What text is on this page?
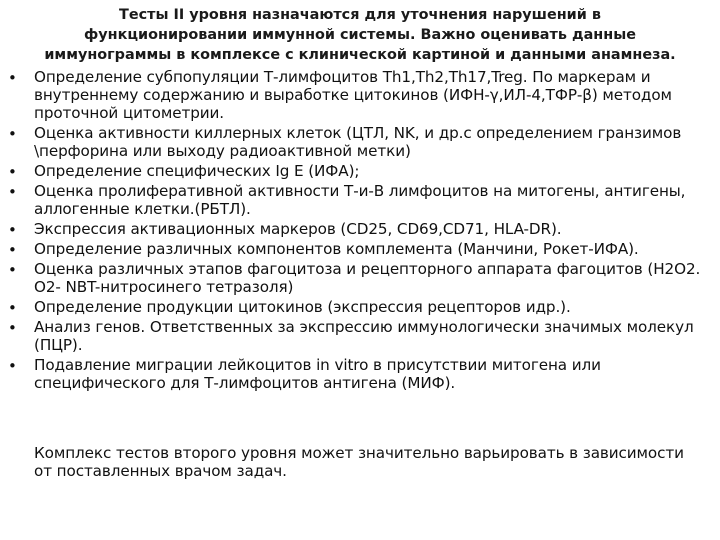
Тесты II уровня назначаются для уточнения нарушений в функционировании иммунной системы. Важно оценивать данные иммунограммы в комплексе с клинической картиной и данными анамнеза.
• Определение субпопуляции Т-лимфоцитов Th1,Th2,Th17,Treg. По маркерам и внутреннему содержанию и выработке цитокинов (ИФН-γ,ИЛ-4,ТФР-β) методом проточной цитометрии.
• Оценка активности киллерных клеток (ЦТЛ, NK, и др.с определением гранзимов \перфорина или выходу радиоактивной метки)
• Определение специфических Ig E (ИФА);
• Оценка пролиферативной активности Т-и-В лимфоцитов на митогены, антигены, аллогенные клетки.(РБТЛ).
• Экспрессия активационных маркеров (CD25, CD69,CD71, HLA-DR).
• Определение различных компонентов комплемента (Манчини, Рокет-ИФА).
• Оценка различных этапов фагоцитоза и рецепторного аппарата фагоцитов (Н2О2. О2- NBT-нитросинего тетразоля)
• Определение продукции цитокинов (экспрессия рецепторов идр.).
• Анализ генов. Ответственных за экспрессию иммунологически значимых молекул (ПЦР).
• Подавление миграции лейкоцитов in vitro в присутствии митогена или специфического для Т-лимфоцитов антигена (МИФ).
Комплекс тестов второго уровня может значительно варьировать в зависимости от поставленных врачом задач.
